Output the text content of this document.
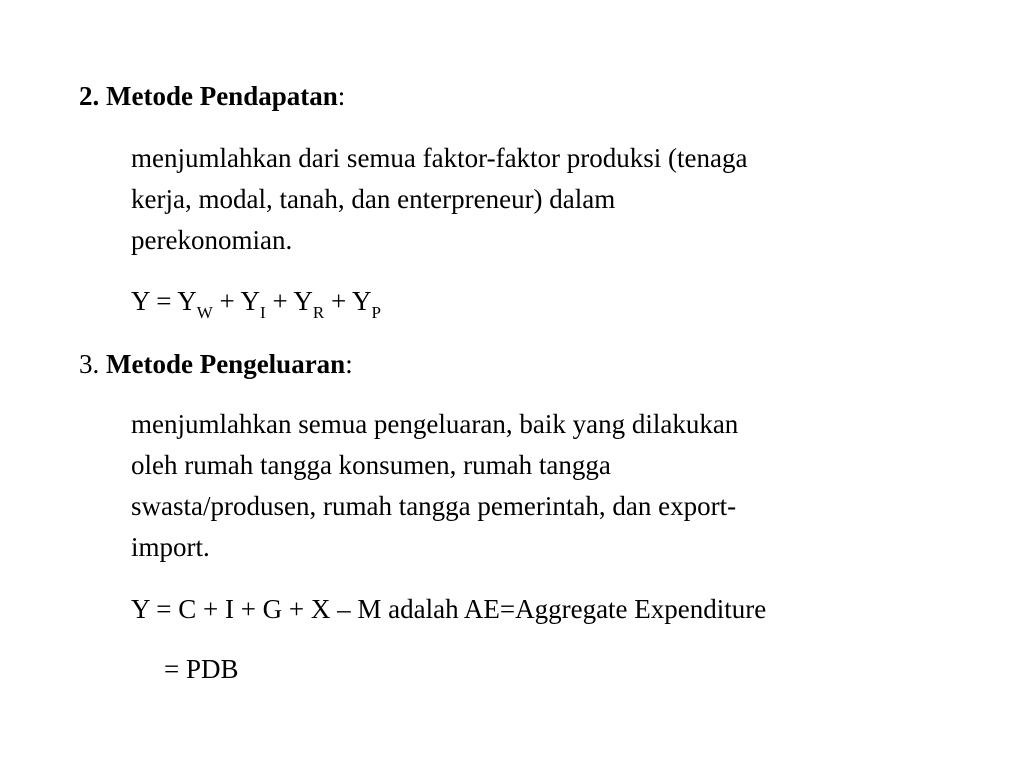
2. Metode Pendapatan:
menjumlahkan dari semua faktor-faktor produksi (tenaga
kerja, modal, tanah, dan enterpreneur) dalam
perekonomian.
$Y = Y_W + Y_I + Y_R + Y_P$
3. Metode Pengeluaran:
menjumlahkan semua pengeluaran, baik yang dilakukan
oleh rumah tangga konsumen, rumah tangga
swasta/produsen, rumah tangga pemerintah, dan export-
import.
Y = C + I + G + X – M adalah AE=Aggregate Expenditure
= PDB
